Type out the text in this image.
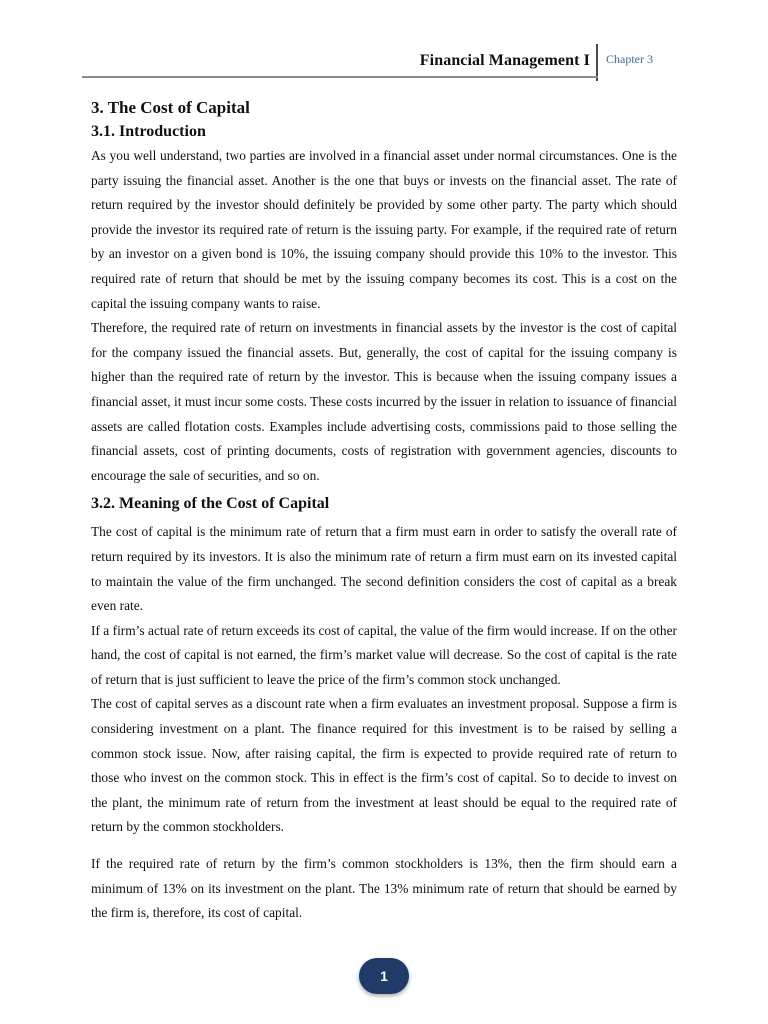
Financial Management I Chapter 3
3. The Cost of Capital
3.1. Introduction

As you well understand, two parties are involved in a financial asset under normal circumstances. One is the party issuing the financial asset. Another is the one that buys or invests on the financial asset. The rate of return required by the investor should definitely be provided by some other party. The party which should provide the investor its required rate of return is the issuing party. For example, if the required rate of return by an investor on a given bond is 10%, the issuing company should provide this 10% to the investor. This required rate of return that should be met by the issuing company becomes its cost. This is a cost on the capital the issuing company wants to raise.

Therefore, the required rate of return on investments in financial assets by the investor is the cost of capital for the company issued the financial assets. But, generally, the cost of capital for the issuing company is higher than the required rate of return by the investor. This is because when the issuing company issues a financial asset, it must incur some costs. These costs incurred by the issuer in relation to issuance of financial assets are called flotation costs. Examples include advertising costs, commissions paid to those selling the financial assets, cost of printing documents, costs of registration with government agencies, discounts to encourage the sale of securities, and so on.

3.2. Meaning of the Cost of Capital

The cost of capital is the minimum rate of return that a firm must earn in order to satisfy the overall rate of return required by its investors. It is also the minimum rate of return a firm must earn on its invested capital to maintain the value of the firm unchanged. The second definition considers the cost of capital as a break even rate.

If a firm’s actual rate of return exceeds its cost of capital, the value of the firm would increase. If on the other hand, the cost of capital is not earned, the firm’s market value will decrease. So the cost of capital is the rate of return that is just sufficient to leave the price of the firm’s common stock unchanged.

The cost of capital serves as a discount rate when a firm evaluates an investment proposal. Suppose a firm is considering investment on a plant. The finance required for this investment is to be raised by selling a common stock issue. Now, after raising capital, the firm is expected to provide required rate of return to those who invest on the common stock. This in effect is the firm’s cost of capital. So to decide to invest on the plant, the minimum rate of return from the investment at least should be equal to the required rate of return by the common stockholders.

If the required rate of return by the firm’s common stockholders is 13%, then the firm should earn a minimum of 13% on its investment on the plant. The 13% minimum rate of return that should be earned by the firm is, therefore, its cost of capital.

1
